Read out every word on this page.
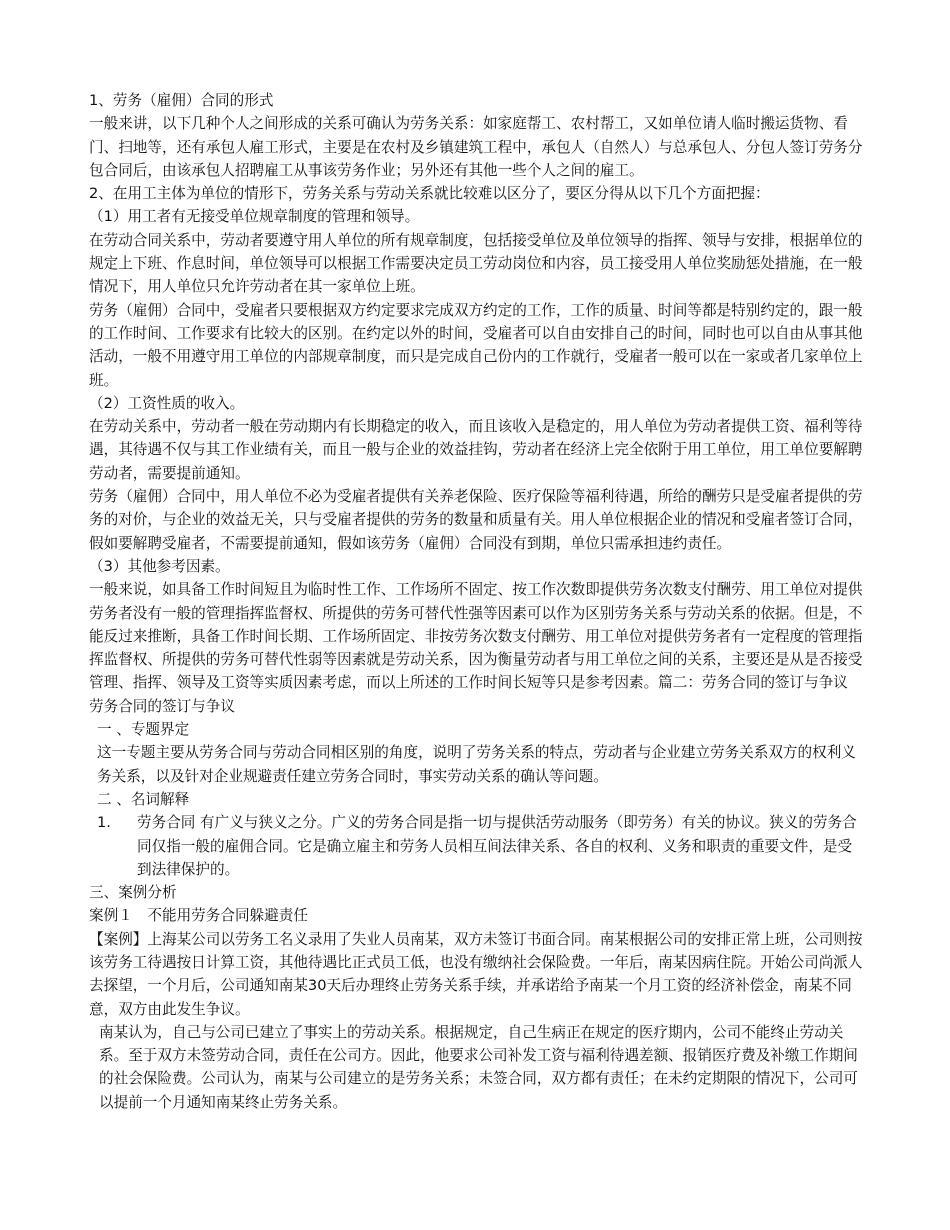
1、劳务（雇佣）合同的形式

一般来讲，以下几种个人之间形成的关系可确认为劳务关系：如家庭帮工、农村帮工，又如单位请人临时搬运货物、看门、扫地等，还有承包人雇工形式，主要是在农村及乡镇建筑工程中，承包人（自然人）与总承包人、分包人签订劳务分包合同后，由该承包人招聘雇工从事该劳务作业；另外还有其他一些个人之间的雇工。

2、在用工主体为单位的情形下，劳务关系与劳动关系就比较难以区分了，要区分得从以下几个方面把握：

（1）用工者有无接受单位规章制度的管理和领导。

在劳动合同关系中，劳动者要遵守用人单位的所有规章制度，包括接受单位及单位领导的指挥、领导与安排，根据单位的规定上下班、作息时间，单位领导可以根据工作需要决定员工劳动岗位和内容，员工接受用人单位奖励惩处措施，在一般情况下，用人单位只允许劳动者在其一家单位上班。

劳务（雇佣）合同中，受雇者只要根据双方约定要求完成双方约定的工作，工作的质量、时间等都是特别约定的，跟一般的工作时间、工作要求有比较大的区别。在约定以外的时间，受雇者可以自由安排自己的时间，同时也可以自由从事其他活动，一般不用遵守用工单位的内部规章制度，而只是完成自己份内的工作就行，受雇者一般可以在一家或者几家单位上班。

（2）工资性质的收入。

在劳动关系中，劳动者一般在劳动期内有长期稳定的收入，而且该收入是稳定的，用人单位为劳动者提供工资、福利等待遇，其待遇不仅与其工作业绩有关，而且一般与企业的效益挂钩，劳动者在经济上完全依附于用工单位，用工单位要解聘劳动者，需要提前通知。

劳务（雇佣）合同中，用人单位不必为受雇者提供有关养老保险、医疗保险等福利待遇，所给的酬劳只是受雇者提供的劳务的对价，与企业的效益无关，只与受雇者提供的劳务的数量和质量有关。用人单位根据企业的情况和受雇者签订合同，假如要解聘受雇者，不需要提前通知，假如该劳务（雇佣）合同没有到期，单位只需承担违约责任。

（3）其他参考因素。

一般来说，如具备工作时间短且为临时性工作、工作场所不固定、按工作次数即提供劳务次数支付酬劳、用工单位对提供劳务者没有一般的管理指挥监督权、所提供的劳务可替代性强等因素可以作为区别劳务关系与劳动关系的依据。但是，不能反过来推断，具备工作时间长期、工作场所固定、非按劳务次数支付酬劳、用工单位对提供劳务者有一定程度的管理指挥监督权、所提供的劳务可替代性弱等因素就是劳动关系，因为衡量劳动者与用工单位之间的关系，主要还是从是否接受管理、指挥、领导及工资等实质因素考虑，而以上所述的工作时间长短等只是参考因素。篇二：劳务合同的签订与争议

劳务合同的签订与争议

一 、专题界定

这一专题主要从劳务合同与劳动合同相区别的角度，说明了劳务关系的特点，劳动者与企业建立劳务关系双方的权利义务关系，以及针对企业规避责任建立劳务合同时，事实劳动关系的确认等问题。

二 、名词解释

1. 劳务合同 有广义与狭义之分。广义的劳务合同是指一切与提供活劳动服务（即劳务）有关的协议。狭义的劳务合同仅指一般的雇佣合同。它是确立雇主和劳务人员相互间法律关系、各自的权利、义务和职责的重要文件，是受到法律保护的。

三、案例分析

案例１　不能用劳务合同躲避责任

【案例】上海某公司以劳务工名义录用了失业人员南某，双方未签订书面合同。南某根据公司的安排正常上班，公司则按该劳务工待遇按日计算工资，其他待遇比正式员工低，也没有缴纳社会保险费。一年后，南某因病住院。开始公司尚派人去探望，一个月后，公司通知南某30天后办理终止劳务关系手续，并承诺给予南某一个月工资的经济补偿金，南某不同意，双方由此发生争议。

南某认为，自己与公司已建立了事实上的劳动关系。根据规定，自己生病正在规定的医疗期内，公司不能终止劳动关系。至于双方未签劳动合同，责任在公司方。因此，他要求公司补发工资与福利待遇差额、报销医疗费及补缴工作期间的社会保险费。公司认为，南某与公司建立的是劳务关系；未签合同，双方都有责任；在未约定期限的情况下，公司可以提前一个月通知南某终止劳务关系。
